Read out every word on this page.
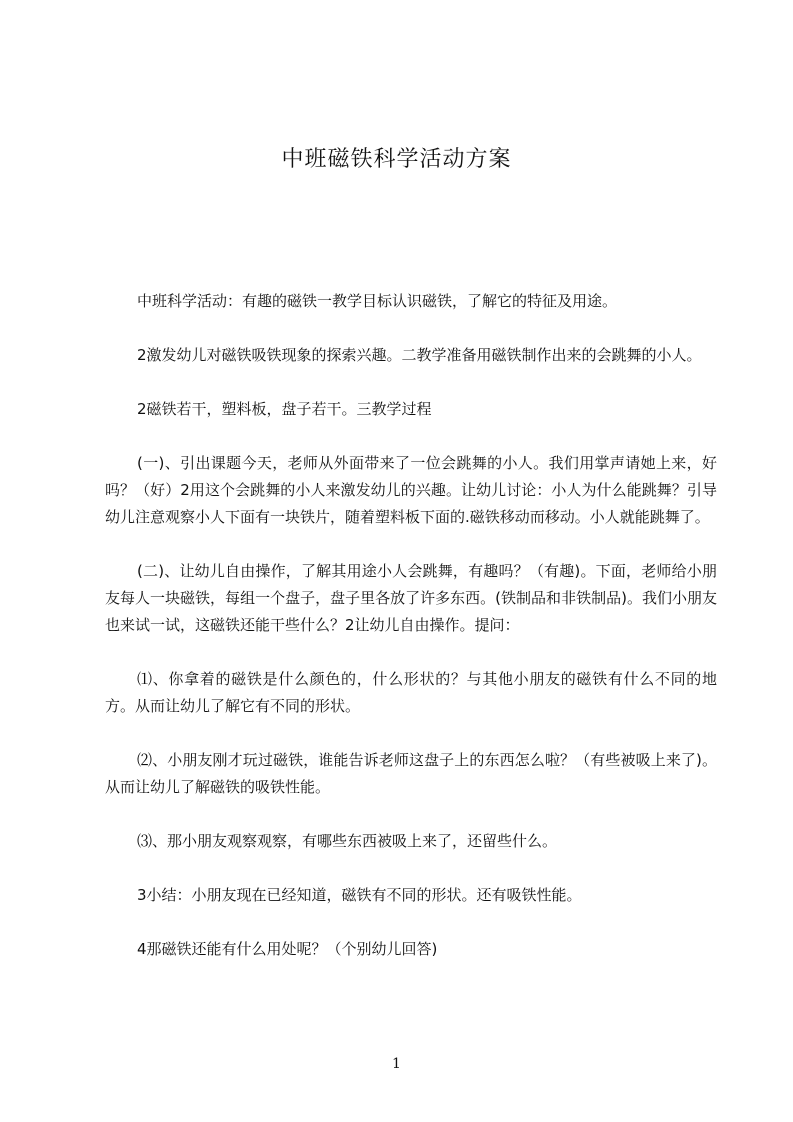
中班磁铁科学活动方案

中班科学活动：有趣的磁铁一教学目标认识磁铁，了解它的特征及用途。

2激发幼儿对磁铁吸铁现象的探索兴趣。二教学准备用磁铁制作出来的会跳舞的小人。

2磁铁若干，塑料板，盘子若干。三教学过程

(一)、引出课题今天，老师从外面带来了一位会跳舞的小人。我们用掌声请她上来，好吗？（好）2用这个会跳舞的小人来激发幼儿的兴趣。让幼儿讨论：小人为什么能跳舞？引导幼儿注意观察小人下面有一块铁片，随着塑料板下面的.磁铁移动而移动。小人就能跳舞了。

(二)、让幼儿自由操作，了解其用途小人会跳舞，有趣吗？（有趣)。下面，老师给小朋友每人一块磁铁，每组一个盘子，盘子里各放了许多东西。(铁制品和非铁制品)。我们小朋友也来试一试，这磁铁还能干些什么？2让幼儿自由操作。提问：

⑴、你拿着的磁铁是什么颜色的，什么形状的？与其他小朋友的磁铁有什么不同的地方。从而让幼儿了解它有不同的形状。

⑵、小朋友刚才玩过磁铁，谁能告诉老师这盘子上的东西怎么啦？（有些被吸上来了)。从而让幼儿了解磁铁的吸铁性能。

⑶、那小朋友观察观察，有哪些东西被吸上来了，还留些什么。

3小结：小朋友现在已经知道，磁铁有不同的形状。还有吸铁性能。

4那磁铁还能有什么用处呢？（个别幼儿回答)

1
